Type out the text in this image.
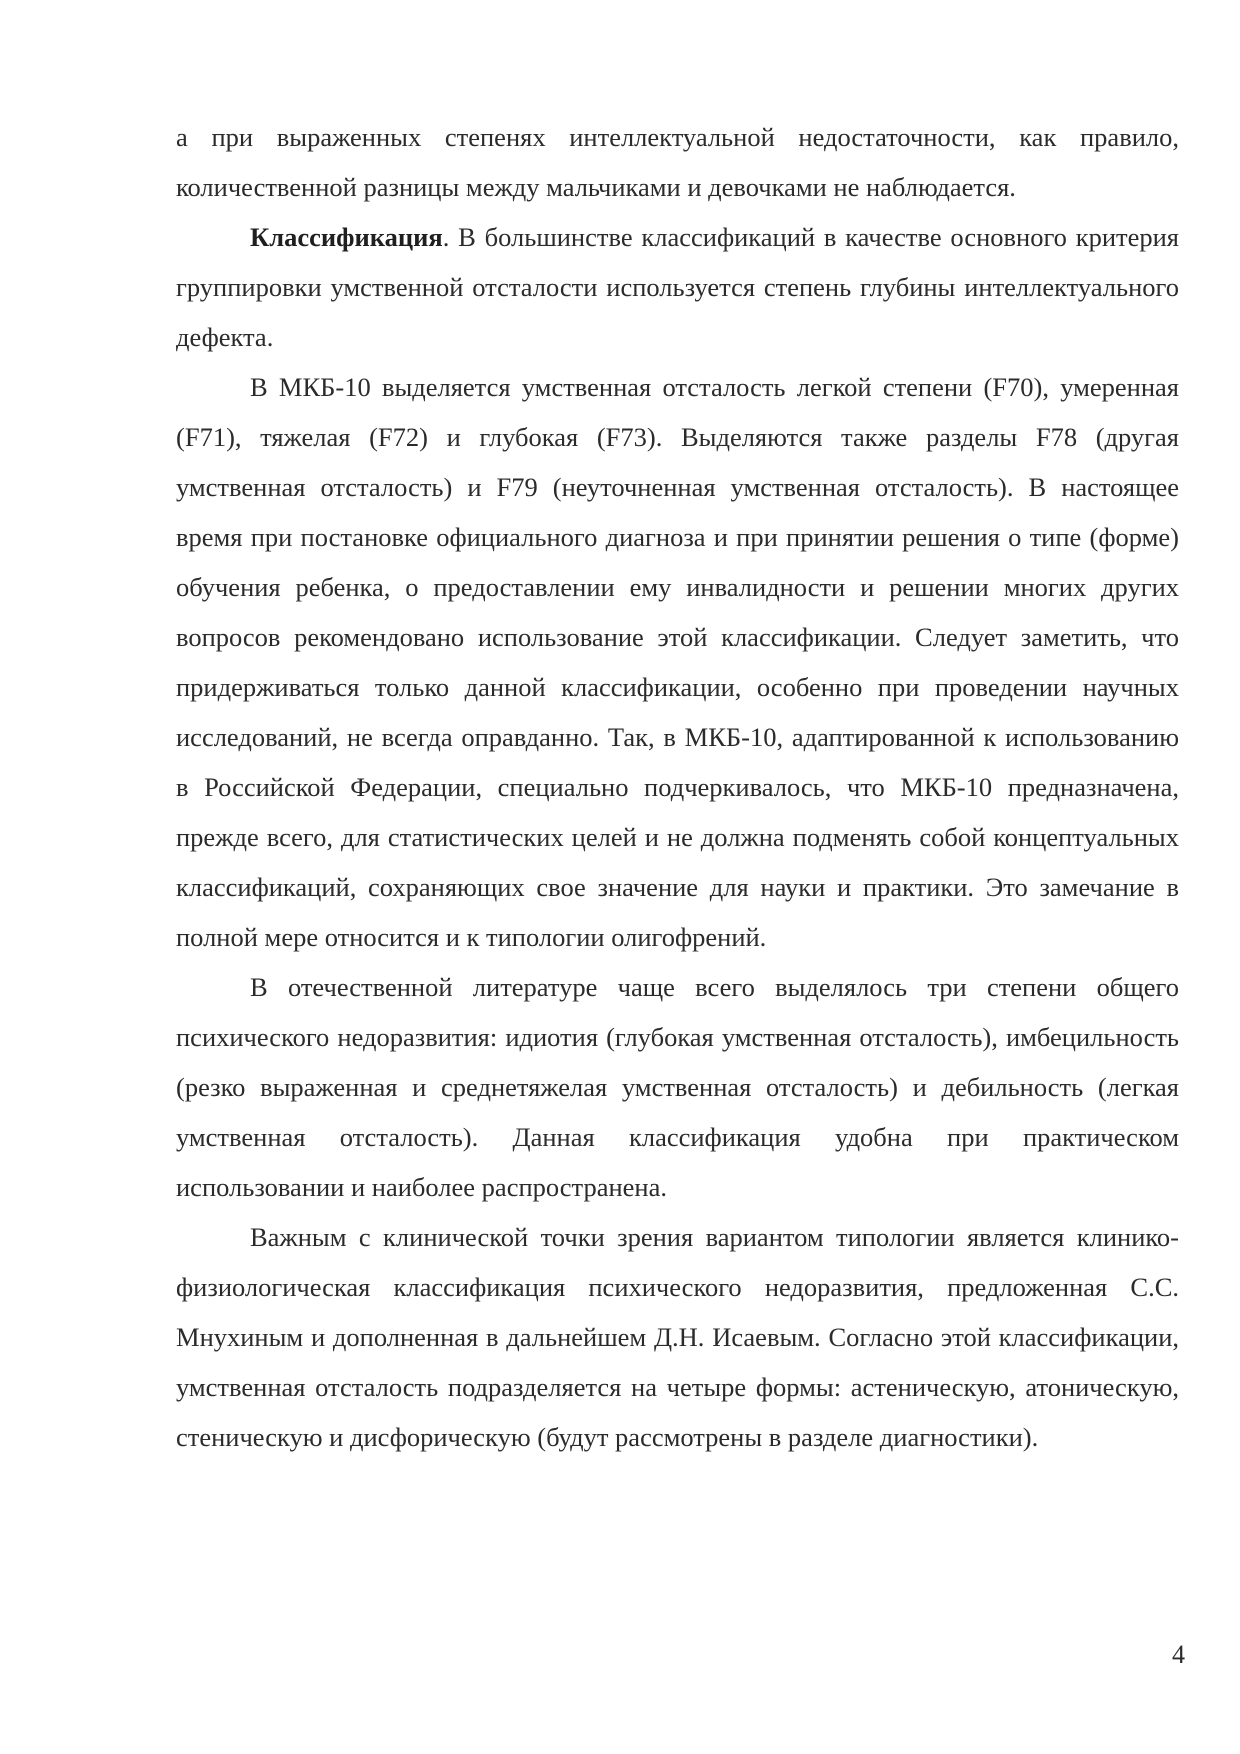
а при выраженных степенях интеллектуальной недостаточности, как правило, количественной разницы между мальчиками и девочками не наблюдается.

Классификация. В большинстве классификаций в качестве основного критерия группировки умственной отсталости используется степень глубины интеллектуального дефекта.

В МКБ-10 выделяется умственная отсталость легкой степени (F70), умеренная (F71), тяжелая (F72) и глубокая (F73). Выделяются также разделы F78 (другая умственная отсталость) и F79 (неуточненная умственная отсталость). В настоящее время при постановке официального диагноза и при принятии решения о типе (форме) обучения ребенка, о предоставлении ему инвалидности и решении многих других вопросов рекомендовано использование этой классификации. Следует заметить, что придерживаться только данной классификации, особенно при проведении научных исследований, не всегда оправданно. Так, в МКБ-10, адаптированной к использованию в Российской Федерации, специально подчеркивалось, что МКБ-10 предназначена, прежде всего, для статистических целей и не должна подменять собой концептуальных классификаций, сохраняющих свое значение для науки и практики. Это замечание в полной мере относится и к типологии олигофрений.

В отечественной литературе чаще всего выделялось три степени общего психического недоразвития: идиотия (глубокая умственная отсталость), имбецильность (резко выраженная и среднетяжелая умственная отсталость) и дебильность (легкая умственная отсталость). Данная классификация удобна при практическом использовании и наиболее распространена.

Важным с клинической точки зрения вариантом типологии является клинико-физиологическая классификация психического недоразвития, предложенная С.С. Мнухиным и дополненная в дальнейшем Д.Н. Исаевым. Согласно этой классификации, умственная отсталость подразделяется на четыре формы: астеническую, атоническую, стеническую и дисфорическую (будут рассмотрены в разделе диагностики).

4
